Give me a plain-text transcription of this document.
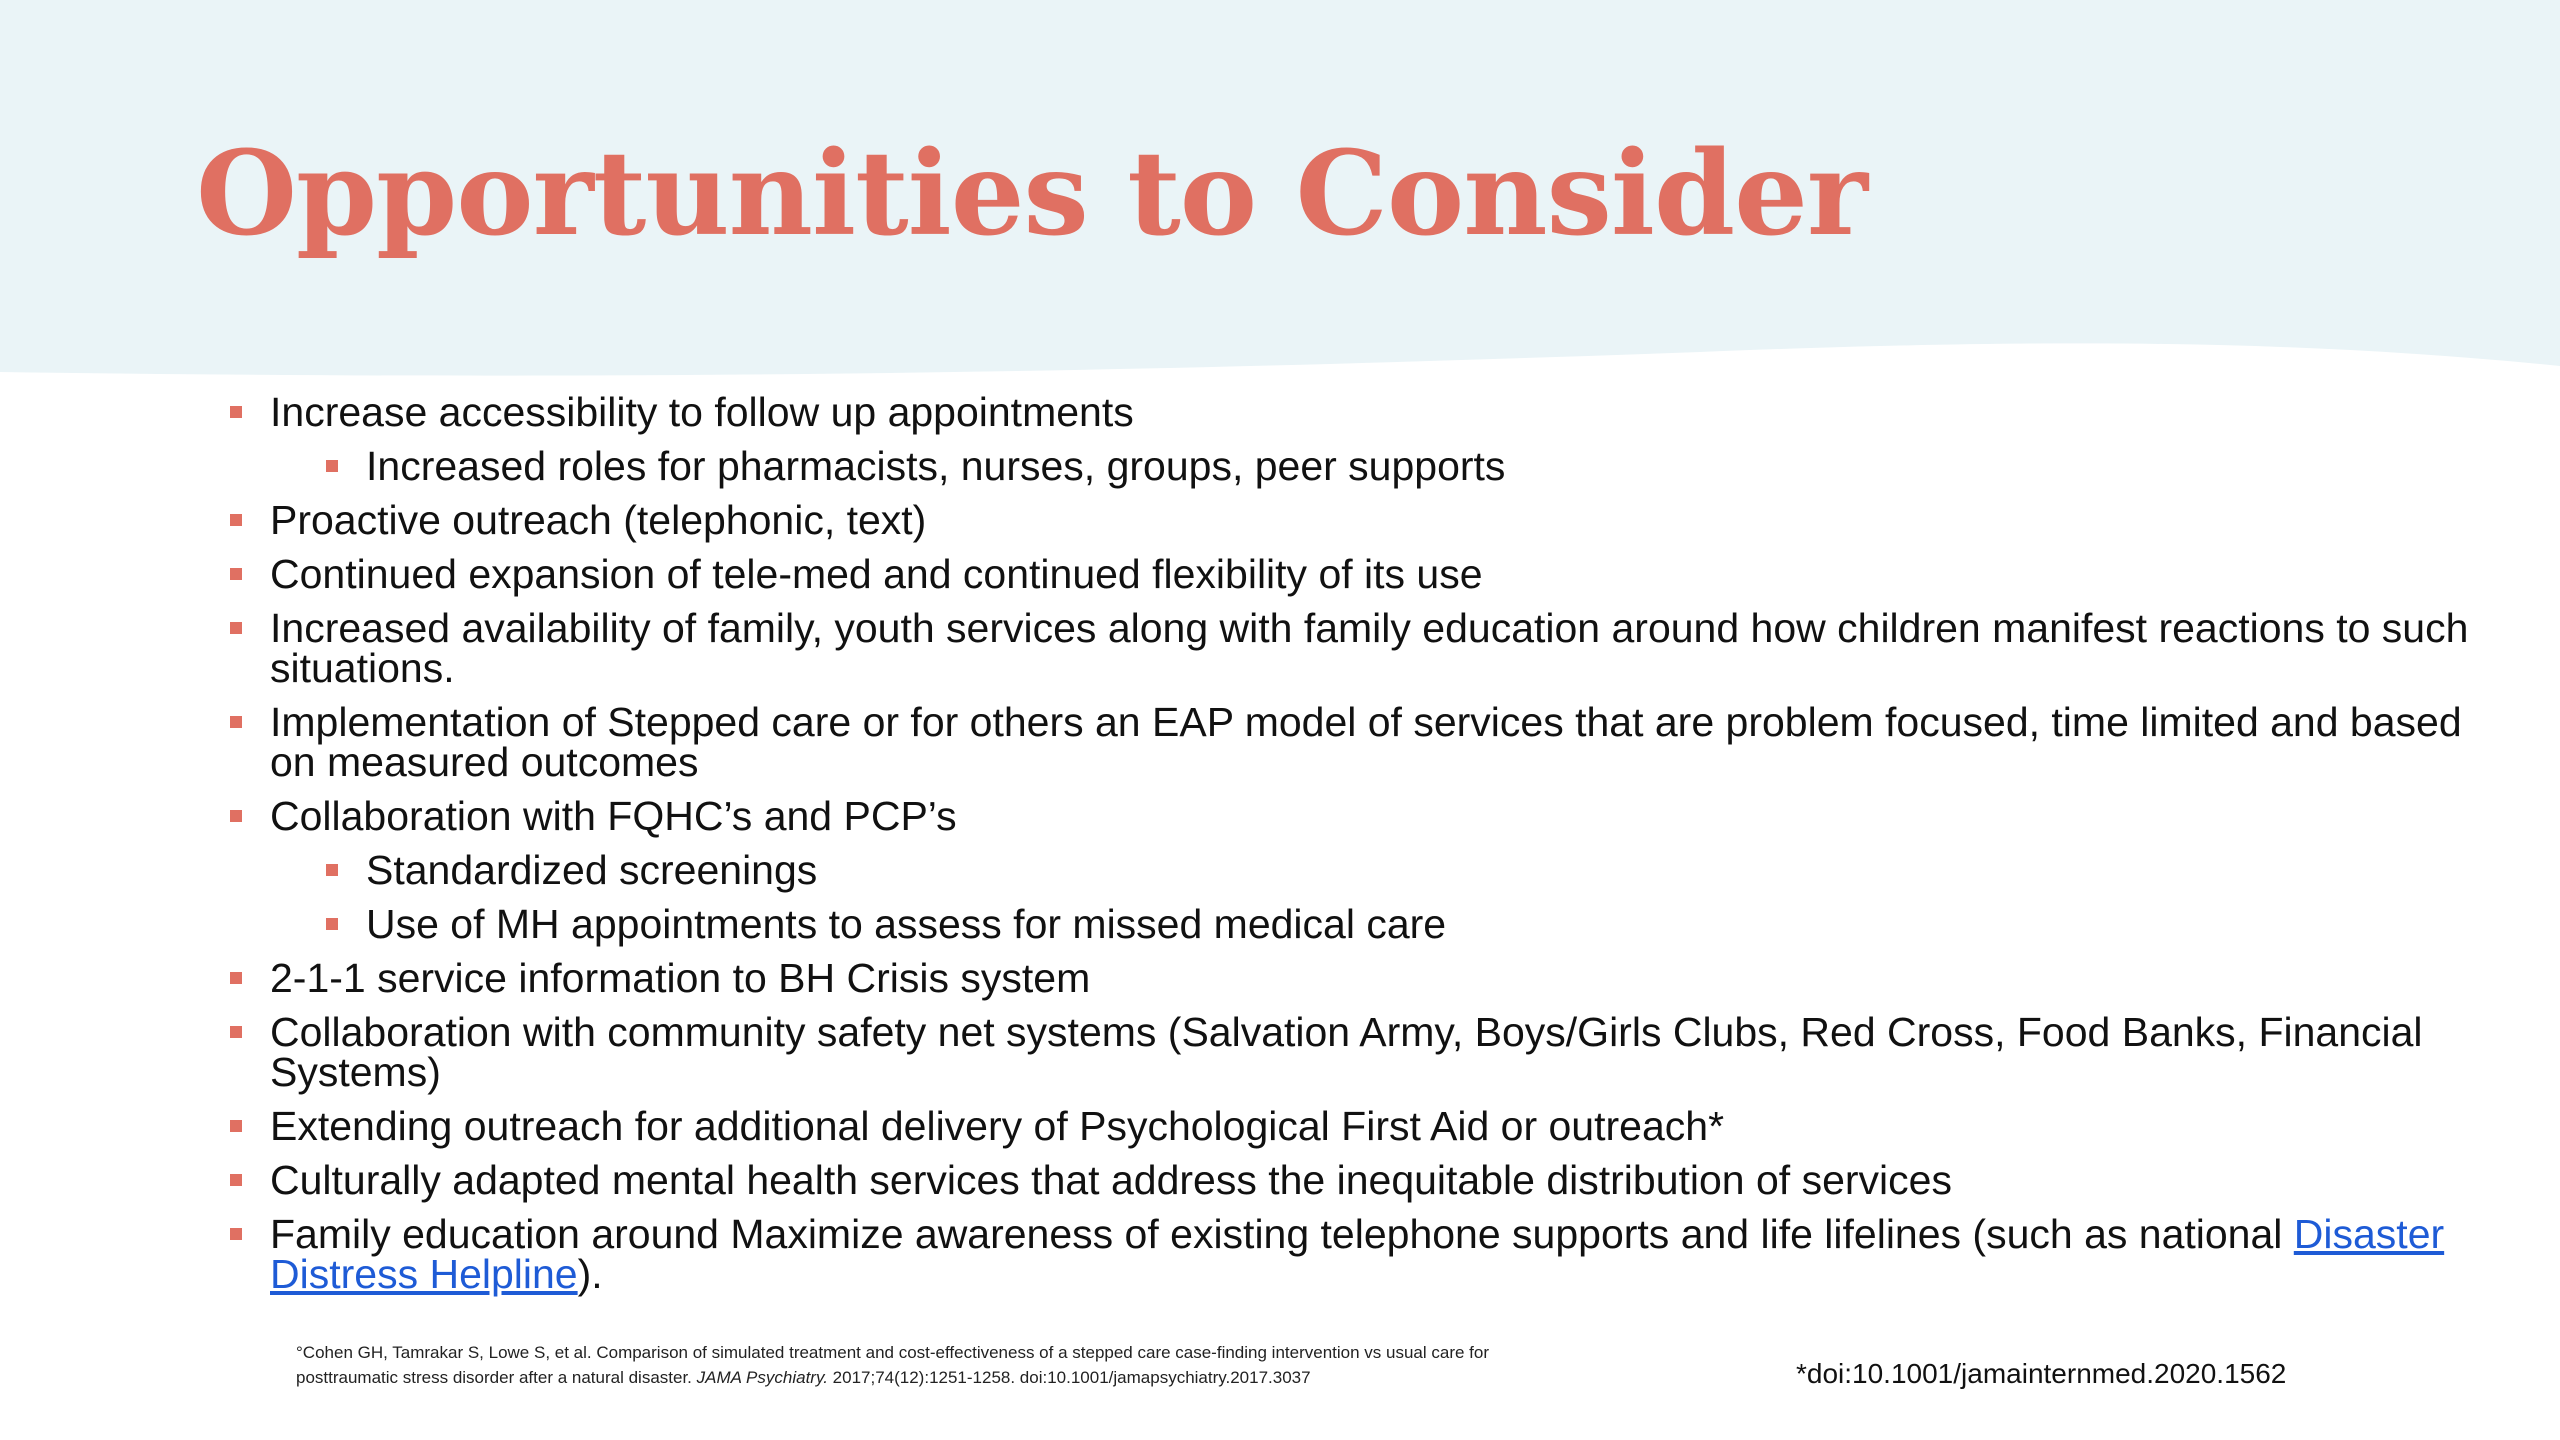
Opportunities to Consider
Increase accessibility to follow up appointments
Increased roles for pharmacists, nurses, groups, peer supports
Proactive outreach (telephonic, text)
Continued expansion of tele-med and continued flexibility of its use
Increased availability of family, youth services along with family education around how children manifest reactions to such situations.
Implementation of Stepped care or for others an EAP model of services that are problem focused, time limited and based on measured outcomes
Collaboration with FQHC’s and PCP’s
Standardized screenings
Use of MH appointments to assess for missed medical care
2-1-1 service information to BH Crisis system
Collaboration with community safety net systems (Salvation Army, Boys/Girls Clubs, Red Cross, Food Banks, Financial Systems)
Extending outreach for additional delivery of Psychological First Aid or outreach*
Culturally adapted mental health services that address the inequitable distribution of services
Family education around Maximize awareness of existing telephone supports and life lifelines (such as national Disaster Distress Helpline).

°Cohen GH, Tamrakar S, Lowe S, et al. Comparison of simulated treatment and cost-effectiveness of a stepped care case-finding intervention vs usual care for posttraumatic stress disorder after a natural disaster. JAMA Psychiatry. 2017;74(12):1251-1258. doi:10.1001/jamapsychiatry.2017.3037	*doi:10.1001/jamainternmed.2020.1562
